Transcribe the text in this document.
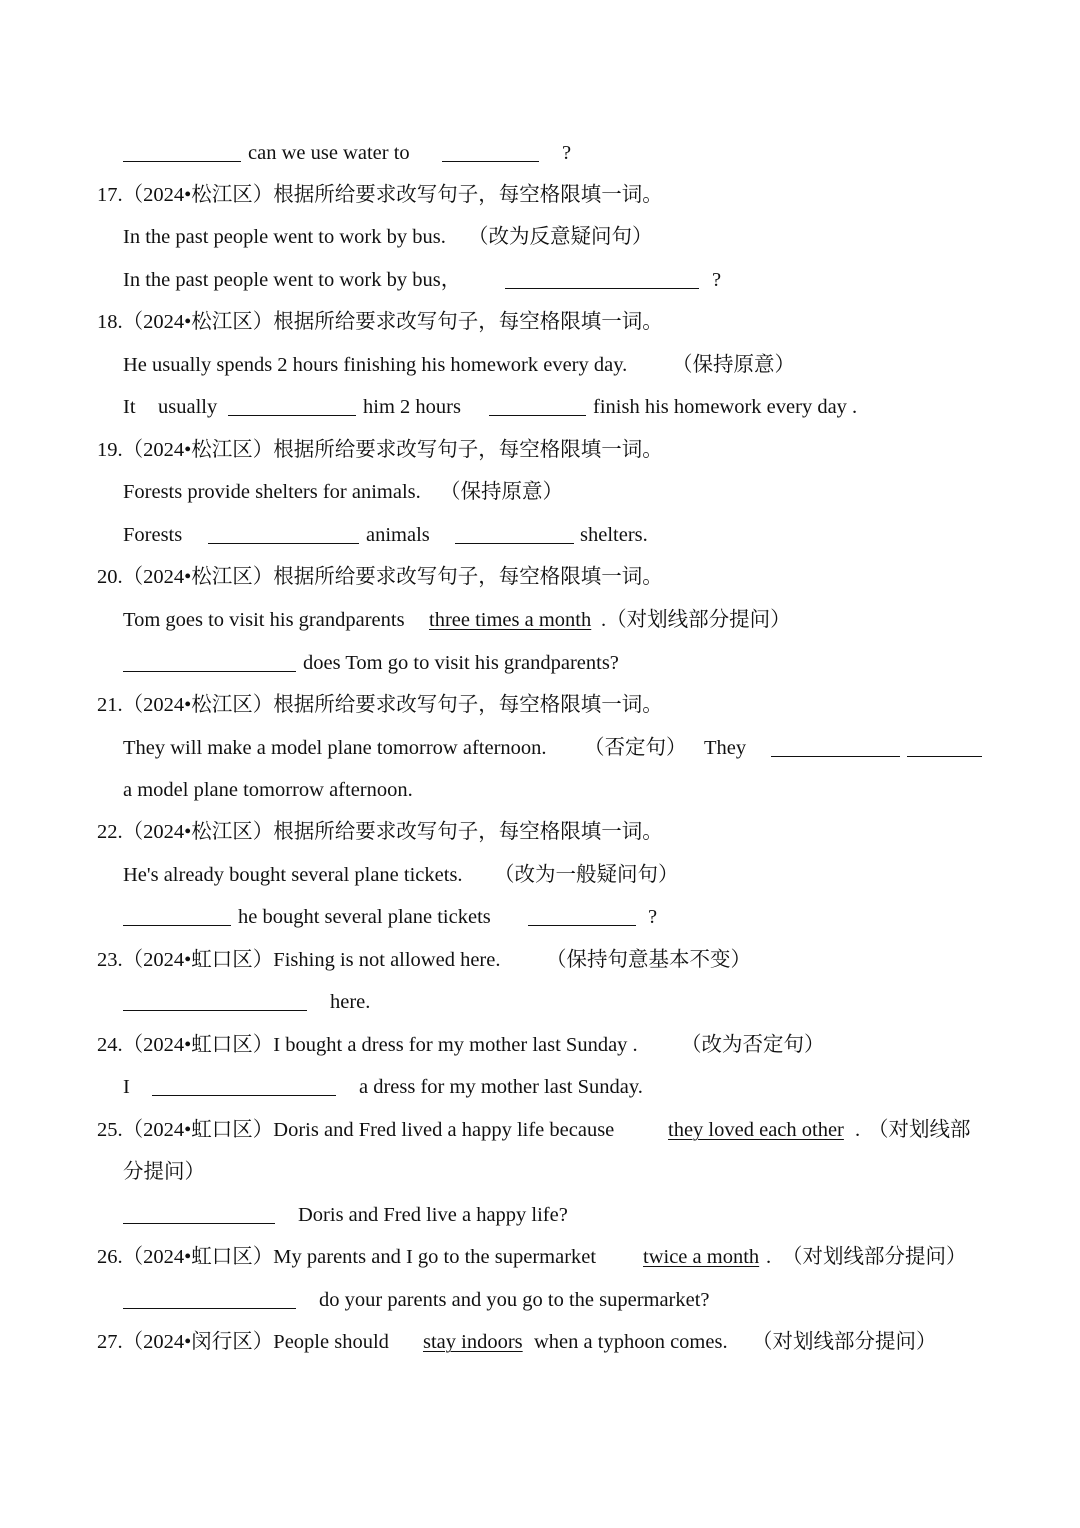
can we use water to	?
17.（2024•松江区）根据所给要求改写句子，每空格限填一词。
In the past people went to work by bus. （改为反意疑问句）
In the past people went to work by bus，	?
18.（2024•松江区）根据所给要求改写句子，每空格限填一词。
He usually spends 2 hours finishing his homework every day. （保持原意）
It usually	him 2 hours	finish his homework every day .
19.（2024•松江区）根据所给要求改写句子，每空格限填一词。
Forests provide shelters for animals. （保持原意）
Forests	animals	shelters.
20.（2024•松江区）根据所给要求改写句子，每空格限填一词。
Tom goes to visit his grandparents three times a month .（对划线部分提问）
does Tom go to visit his grandparents?
21.（2024•松江区）根据所给要求改写句子，每空格限填一词。
They will make a model plane tomorrow afternoon. （否定句） They
a model plane tomorrow afternoon.
22.（2024•松江区）根据所给要求改写句子，每空格限填一词。
He's already bought several plane tickets. （改为一般疑问句）
he bought several plane tickets	?
23.（2024•虹口区）Fishing is not allowed here. （保持句意基本不变）
here.
24.（2024•虹口区）I bought a dress for my mother last Sunday . （改为否定句）
I	a dress for my mother last Sunday.
25.（2024•虹口区）Doris and Fred lived a happy life because	they loved each other . （对划线部
分提问）
Doris and Fred live a happy life?
26.（2024•虹口区）My parents and I go to the supermarket twice a month . （对划线部分提问）
do your parents and you go to the supermarket?
27.（2024•闵行区）People should stay indoors when a typhoon comes. （对划线部分提问）
